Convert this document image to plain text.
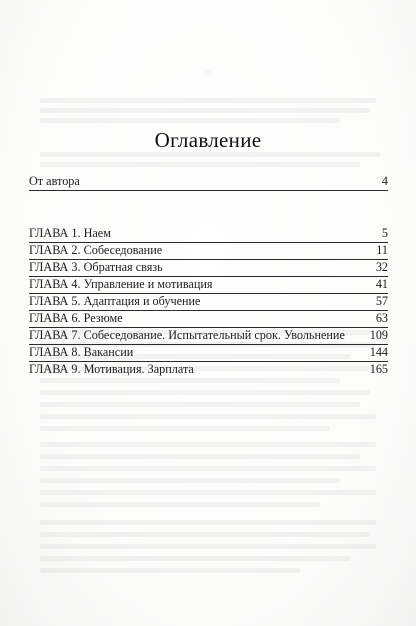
◦
Оглавление
От автора	4
ГЛАВА 1. Наем	5
ГЛАВА 2. Собеседование	11
ГЛАВА 3. Обратная связь	32
ГЛАВА 4. Управление и мотивация	41
ГЛАВА 5. Адаптация и обучение	57
ГЛАВА 6. Резюме	63
ГЛАВА 7. Собеседование. Испытательный срок. Увольнение 109
ГЛАВА 8. Вакансии	144
ГЛАВА 9. Мотивация. Зарплата	165
